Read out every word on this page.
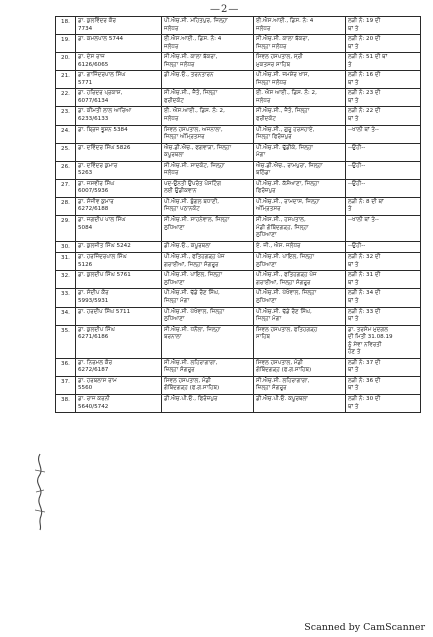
—2—
18.	ਡਾ. ਕੁਲਵਿੰਦਰ ਕੌਰ
7734	ਪੀ.ਐਚ.ਸੀ. ਮਹਿਤਪੁਰ, ਜਿਲ੍ਹਾ
ਜਲੰਧਰ	ਈ.ਐਸ.ਆਈ., ਡਿਸ. ਨੰ: 4
ਜਲੰਧਰ	ਲੜੀ ਨੰ: 19 ਦੀ
ਥਾਂ ਤੇ

19.	ਡਾ. ਕਮਲਪਾਲ 5744	ਈ.ਐਸ.ਆਈ., ਡਿਸ. ਨੰ: 4
ਜਲੰਧਰ	ਸੀ.ਐਚ.ਸੀ. ਕਾਲਾ ਬੱਕਰਾ,
ਜਿਲ੍ਹਾ ਜਲੰਧਰ	ਲੜੀ ਨੰ: 20 ਦੀ
ਥਾਂ ਤੇ

20.	ਡਾ. ਦੇਸ ਰਾਜ
6126/6065	ਸੀ.ਐਚ.ਸੀ. ਕਾਲਾ ਬੱਕਰਾ,
ਜਿਲ੍ਹਾ ਜਲੰਧਰ	ਸਿਵਲ ਹਸਪਤਾਲ, ਸ੍ਰੀ
ਮੁਕਤਸਰ ਸਾਹਿਬ	ਲੜੀ ਨੰ: 51 ਦੀ ਥਾਂ
ਤੇ

21.	ਡਾ. ਗਾਜਿੰਦਰਪਾਲ ਸਿੰਘ
5771	ਡੀ.ਐਚ.ਓ., ਤਰਨਤਾਰਨ	ਪੀ.ਐਚ.ਸੀ. ਜਮਸ਼ੇਰ ਖਾਸ,
ਜਿਲ੍ਹਾ ਜਲੰਧਰ	ਲੜੀ ਨੰ: 16 ਦੀ
ਥਾਂ ਤੇ

22.	ਡਾ. ਹਰਿਦਰ ਪ੍ਰਕਾਸ਼,
6077/6134	ਸੀ.ਐਚ.ਸੀ., ਜੈਤੋ, ਜਿਲ੍ਹਾ
ਫਰੀਦਕੋਟ	ਈ. ਐਸ ਆਈ., ਡਿਸ. ਨੰ: 2,
ਜਲੰਧਰ	ਲੜੀ ਨੰ: 23 ਦੀ
ਥਾਂ ਤੇ

23.	ਡਾ. ਕੀਮਤੀ ਲਾਲ ਆਰਿਆ
6233/6133	ਈ. ਐਸ.ਆਈ., ਡਿਸ. ਨੰ: 2,
ਜਲੰਧਰ	ਸੀ.ਐਚ.ਸੀ., ਜੈਤੋ, ਜਿਲ੍ਹਾ
ਫਰੀਦਕੋਟ	ਲੜੀ ਨੰ: 22 ਦੀ
ਥਾਂ ਤੇ

24.	ਡਾ. ਬ੍ਰਿਜ ਭੂਸ਼ਨ 5384	ਸਿਵਲ ਹਸਪਤਾਲ, ਅਜਨਾਲਾ,
ਜਿਲ੍ਹਾ ਅੰਮ੍ਰਿਤਸਰ	ਪੀ.ਐਚ.ਸੀ., ਗੁਰੂ ਹਰਸਹਾਏ,
ਜਿਲ੍ਹਾ ਫਿਰੋਜ਼ਪੁਰ	--ਖਾਲੀ ਥਾਂ ਤੇ--

25.	ਡਾ. ਦਵਿੰਦਰ ਸਿੰਘ 5826	ਐਚ.ਡੀ.ਐਚ., ਫਗਵਾੜਾ, ਜਿਲ੍ਹਾ
ਕਪੂਰਥਲਾ	ਪੀ.ਐਚ.ਸੀ. ਢੁੱਡੀਕੇ, ਜਿਲ੍ਹਾ
ਮੋਗਾ	--ਉਹੀ--

26.	ਡਾ. ਦਵਿੰਦਰ ਕੁਮਾਰ
5263	ਸੀ.ਐਚ.ਸੀ. ਸਾਦਕੋਟ, ਜਿਲ੍ਹਾ
ਜਲੰਧਰ	ਐਚ.ਡੀ.ਐਚ., ਰਾਮਪੁਰਾ, ਜਿਲ੍ਹਾ
ਬਠਿੰਡਾ	--ਉਹੀ--

27.	ਡਾ. ਜਸਵੀਰ ਸਿੰਘ
6007/5936	ਪਦ-ਉਨਤੀ ਉਪਰੰਤ ਪੋਸਟਿੰਗ
ਲਈ ਉਡੀਕਵਾਨ	ਪੀ.ਐਚ.ਸੀ. ਕੱਸੋਆਣਾ, ਜਿਲ੍ਹਾ
ਫਿਰੋਜ਼ਪੁਰ	--ਉਹੀ--

28.	ਡਾ. ਸੰਜੀਵ ਕੁਮਾਰ
6272/6188	ਪੀ.ਐਚ.ਸੀ. ਬੁੰਗਲ ਬਧਾਣੀ,
ਜਿਲ੍ਹਾ ਪਠਾਨਕੋਟ	ਪੀ.ਐਚ.ਸੀ., ਰਾਮਦਾਸ, ਜਿਲ੍ਹਾ
ਅੰਮ੍ਰਿਤਸਰ	ਲੜੀ ਨੰ: 8 ਦੀ ਥਾਂ
ਤੇ

29.	ਡਾ. ਜਗਦੀਪ ਪਾਲ ਸਿੰਘ
5084	ਸੀ.ਐਚ.ਸੀ. ਸਾਹਨੇਵਾਲ, ਜਿਲ੍ਹਾ
ਲੁਧਿਆਣਾ	ਸੀ.ਐਸ.ਸੀ., ਹਸਪਤਾਲ,
ਮੰਡੀ ਗੋਬਿੰਦਗੜ੍ਹ, ਜਿਲ੍ਹਾ
ਲੁਧਿਆਣਾ	--ਖਾਲੀ ਥਾਂ ਤੇ--

30.	ਡਾ. ਕੁਲਜੀਤ ਸਿੰਘ 5242	ਡੀ.ਐਚ.ਓ., ਕਪੂਰਥਲਾ	ਏ. ਜੀ., ਐਸ. ਜਲੰਧਰ	--ਉਹੀ--

31.	ਡਾ. ਹਰਜਿੰਦਰਪਾਲ ਸਿੰਘ
5126	ਪੀ.ਐਚ.ਸੀ., ਫਤਿਹਗੜ੍ਹ ਪੰਜ
ਗਰਾਈਆਂ, ਜਿਲ੍ਹਾ ਸੰਗਰੂਰ	ਪੀ.ਐਚ.ਸੀ. ਪਾਇਲ, ਜਿਲ੍ਹਾ
ਲੁਧਿਆਣਾ	ਲੜੀ ਨੰ: 32 ਦੀ
ਥਾਂ ਤੇ

32.	ਡਾ. ਕੁਲਦੀਪ ਸਿੰਘ 5761	ਪੀ.ਐਚ.ਸੀ. ਪਾਇਲ, ਜਿਲ੍ਹਾ
ਲੁਧਿਆਣਾ	ਪੀ.ਐਚ.ਸੀ., ਫਤਿਹਗੜ੍ਹ ਪੰਜ
ਗਰਾਈਆਂ, ਜਿਲ੍ਹਾ ਸੰਗਰੂਰ	ਲੜੀ ਨੰ: 31 ਦੀ
ਥਾਂ ਤੇ

33.	ਡਾ. ਸੰਦੀਪ ਕੌਰ
5993/5931	ਪੀ.ਐਚ.ਸੀ. ਢੱਡੇ ਰੌਣ ਸਿੰਘ,
ਜਿਲ੍ਹਾ ਮੋਗਾ	ਪੀ.ਐਚ.ਸੀ. ਪੱਖੋਵਾਲ, ਜਿਲ੍ਹਾ
ਲੁਧਿਆਣਾ	ਲੜੀ ਨੰ: 34 ਦੀ
ਥਾਂ ਤੇ

34.	ਡਾ. ਹਰਦੀਪ ਸਿੰਘ 5711	ਪੀ.ਐਚ.ਸੀ. ਪੱਖੋਵਾਲ, ਜਿਲ੍ਹਾ
ਲੁਧਿਆਣਾ	ਪੀ.ਐਚ.ਸੀ. ਢੱਡੇ ਰੌਣ ਸਿੰਘ,
ਜਿਲ੍ਹਾ ਮੋਗਾ	ਲੜੀ ਨੰ: 33 ਦੀ
ਥਾਂ ਤੇ

35.	ਡਾ. ਕੁਲਦੀਪ ਸਿੰਘ
6271/6186	ਸੀ.ਐਚ.ਸੀ. ਧਨੌਲਾ, ਜਿਲ੍ਹਾ
ਬਰਨਾਲਾ	ਸਿਵਲ ਹਸਪਤਾਲ, ਫਤਿਹਗੜ੍ਹ
ਸਾਹਿਬ	ਡਾ. ਤਰਸੇਮ ਮੁਦਗਲ
ਦੀ ਮਿਤੀ 31.08.19
ਨੂੰ ਸੇਵਾ ਨਵਿਰਤੀ
ਹੋਣ ਤੇ

36.	ਡਾ. ਨਿਰਮਲ ਕੌਰ
6272/6187	ਸੀ.ਐਚ.ਸੀ. ਲਹਿਰਾਗਾਗਾ,
ਜ਼ਿਲ੍ਹਾ ਸੰਗਰੂਰ	ਸਿਵਲ ਹਸਪਤਾਲ, ਮੰਡੀ
ਗੋਬਿੰਦਗੜ੍ਹ (ਫ.ਗ.ਸਾਹਿਬ)	ਲੜੀ ਨੰ: 37 ਦੀ
ਥਾਂ ਤੇ

37.	ਡਾ. ਹਰਬਲਾਸ ਰਾਮ
5560	ਸਿਵਲ ਹਸਪਤਾਲ, ਮੰਡੀ
ਗੋਬਿੰਦਗੜ੍ਹ (ਫ.ਗ.ਸਾਹਿਬ)	ਸੀ.ਐਚ.ਸੀ. ਲਹਿਰਾਗਾਗਾ,
ਜ਼ਿਲ੍ਹਾ ਸੰਗਰੂਰ	ਲੜੀ ਨੰ: 36 ਦੀ
ਥਾਂ ਤੇ

38.	ਡਾ. ਰਾਜ ਕਰਨੀ
5640/5742	ਡੀ.ਐਚ.ਪੀ.ਓ., ਫਿਰੋਜ਼ਪੁਰ	ਡੀ.ਐਚ.ਪੀ.ਓ. ਕਪੂਰਥਲਾ	ਲੜੀ ਨੰ: 30 ਦੀ
ਥਾਂ ਤੇ
Scanned by CamScanner
